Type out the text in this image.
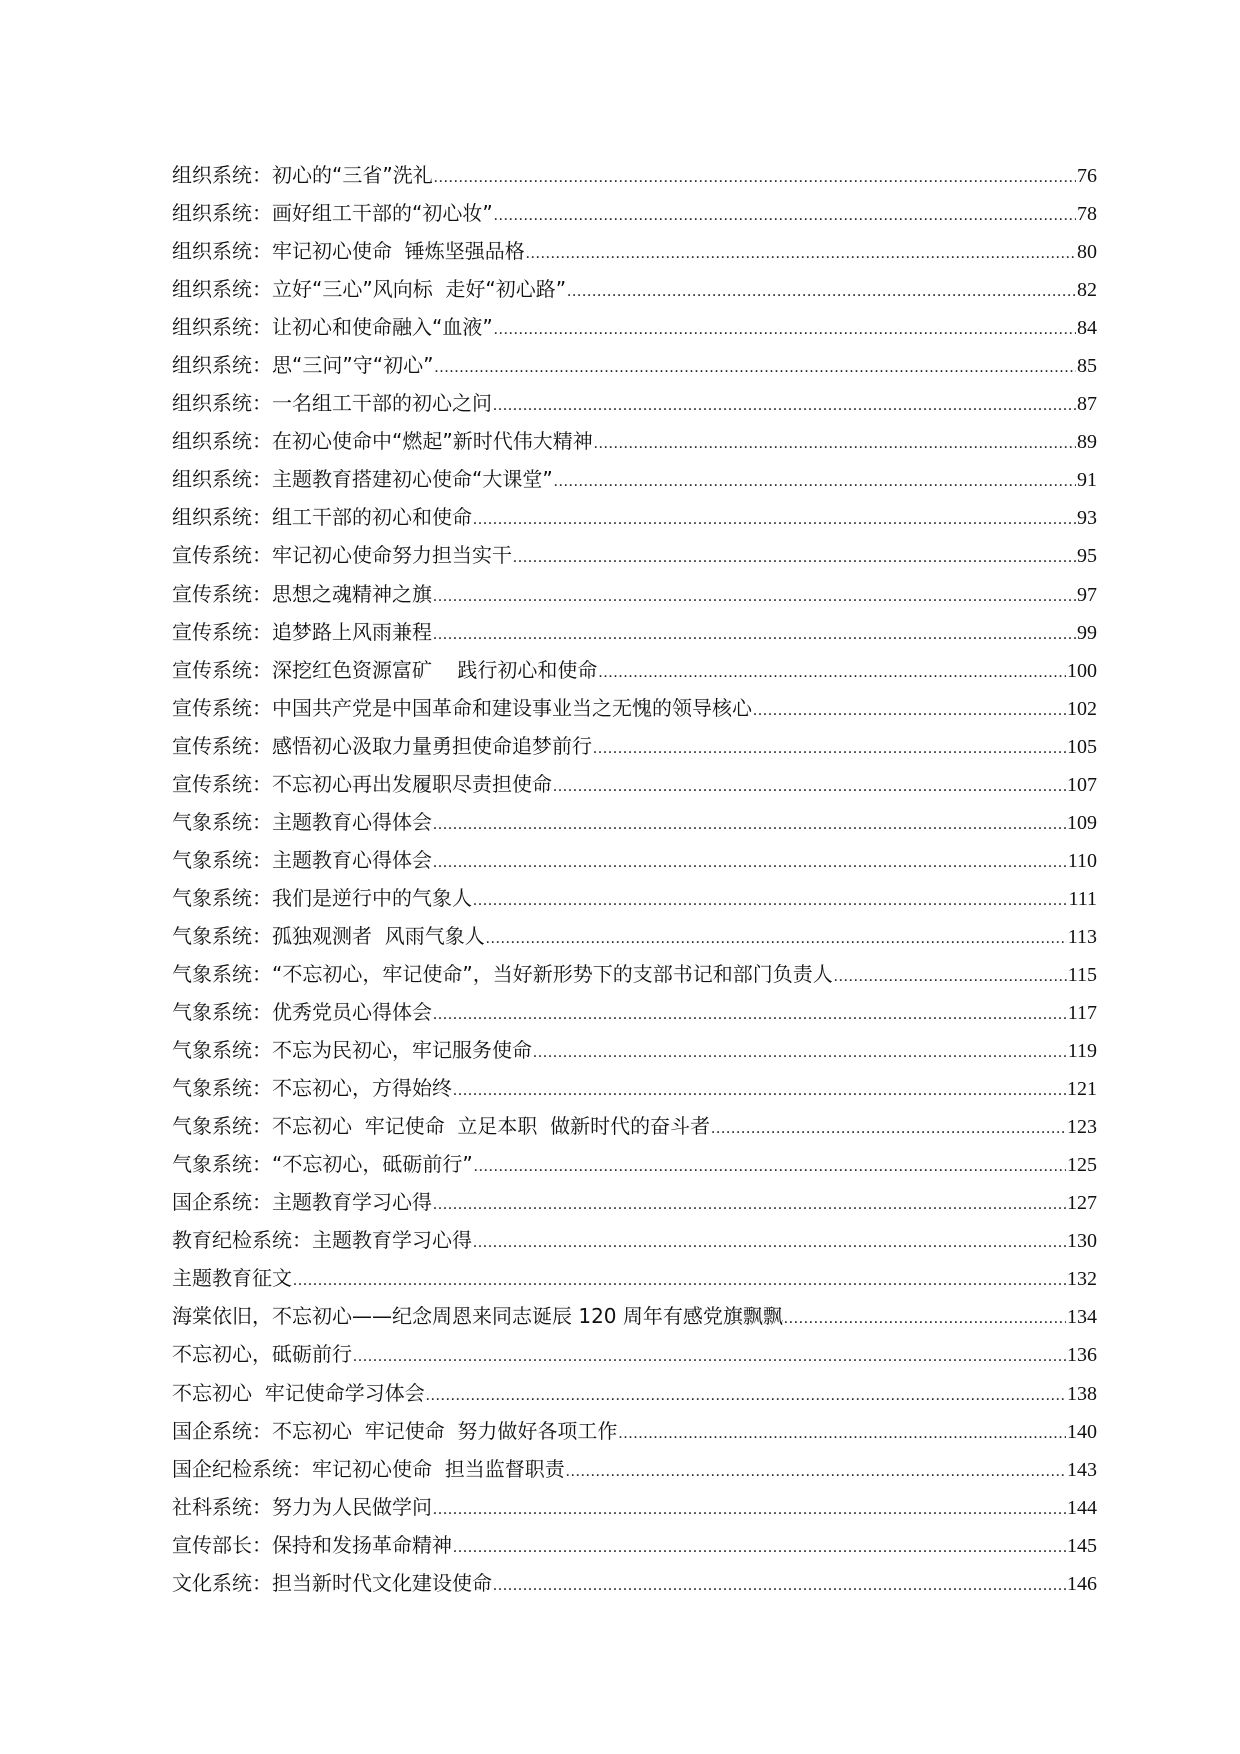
组织系统：初心的“三省”洗礼 .....	76
组织系统：画好组工干部的“初心妆” .....	78
组织系统：牢记初心使命  锤炼坚强品格 .....	80
组织系统：立好“三心”风向标  走好“初心路” .....	82
组织系统：让初心和使命融入“血液” .....	84
组织系统：思“三问”守“初心” .....	85
组织系统：一名组工干部的初心之问 .....	87
组织系统：在初心使命中“燃起”新时代伟大精神 .....	89
组织系统：主题教育搭建初心使命“大课堂” .....	91
组织系统：组工干部的初心和使命 .....	93
宣传系统：牢记初心使命努力担当实干 .....	95
宣传系统：思想之魂精神之旗 .....	97
宣传系统：追梦路上风雨兼程 .....	99
宣传系统：深挖红色资源富矿    践行初心和使命 .....	100
宣传系统：中国共产党是中国革命和建设事业当之无愧的领导核心 .....	102
宣传系统：感悟初心汲取力量勇担使命追梦前行 .....	105
宣传系统：不忘初心再出发履职尽责担使命 .....	107
气象系统：主题教育心得体会 .....	109
气象系统：主题教育心得体会 .....	110
气象系统：我们是逆行中的气象人 .....	111
气象系统：孤独观测者  风雨气象人 .....	113
气象系统：“不忘初心，牢记使命”，当好新形势下的支部书记和部门负责人 .....	115
气象系统：优秀党员心得体会 .....	117
气象系统：不忘为民初心，牢记服务使命 .....	119
气象系统：不忘初心，方得始终 .....	121
气象系统：不忘初心  牢记使命  立足本职  做新时代的奋斗者 .....	123
气象系统：“不忘初心，砥砺前行” .....	125
国企系统：主题教育学习心得 .....	127
教育纪检系统：主题教育学习心得 .....	130
主题教育征文 .....	132
海棠依旧，不忘初心——纪念周恩来同志诞辰 120 周年有感党旗飘飘 .....	134
不忘初心，砥砺前行 .....	136
不忘初心  牢记使命学习体会 .....	138
国企系统：不忘初心  牢记使命  努力做好各项工作 .....	140
国企纪检系统：牢记初心使命  担当监督职责 .....	143
社科系统：努力为人民做学问 .....	144
宣传部长：保持和发扬革命精神 .....	145
文化系统：担当新时代文化建设使命 .....	146
